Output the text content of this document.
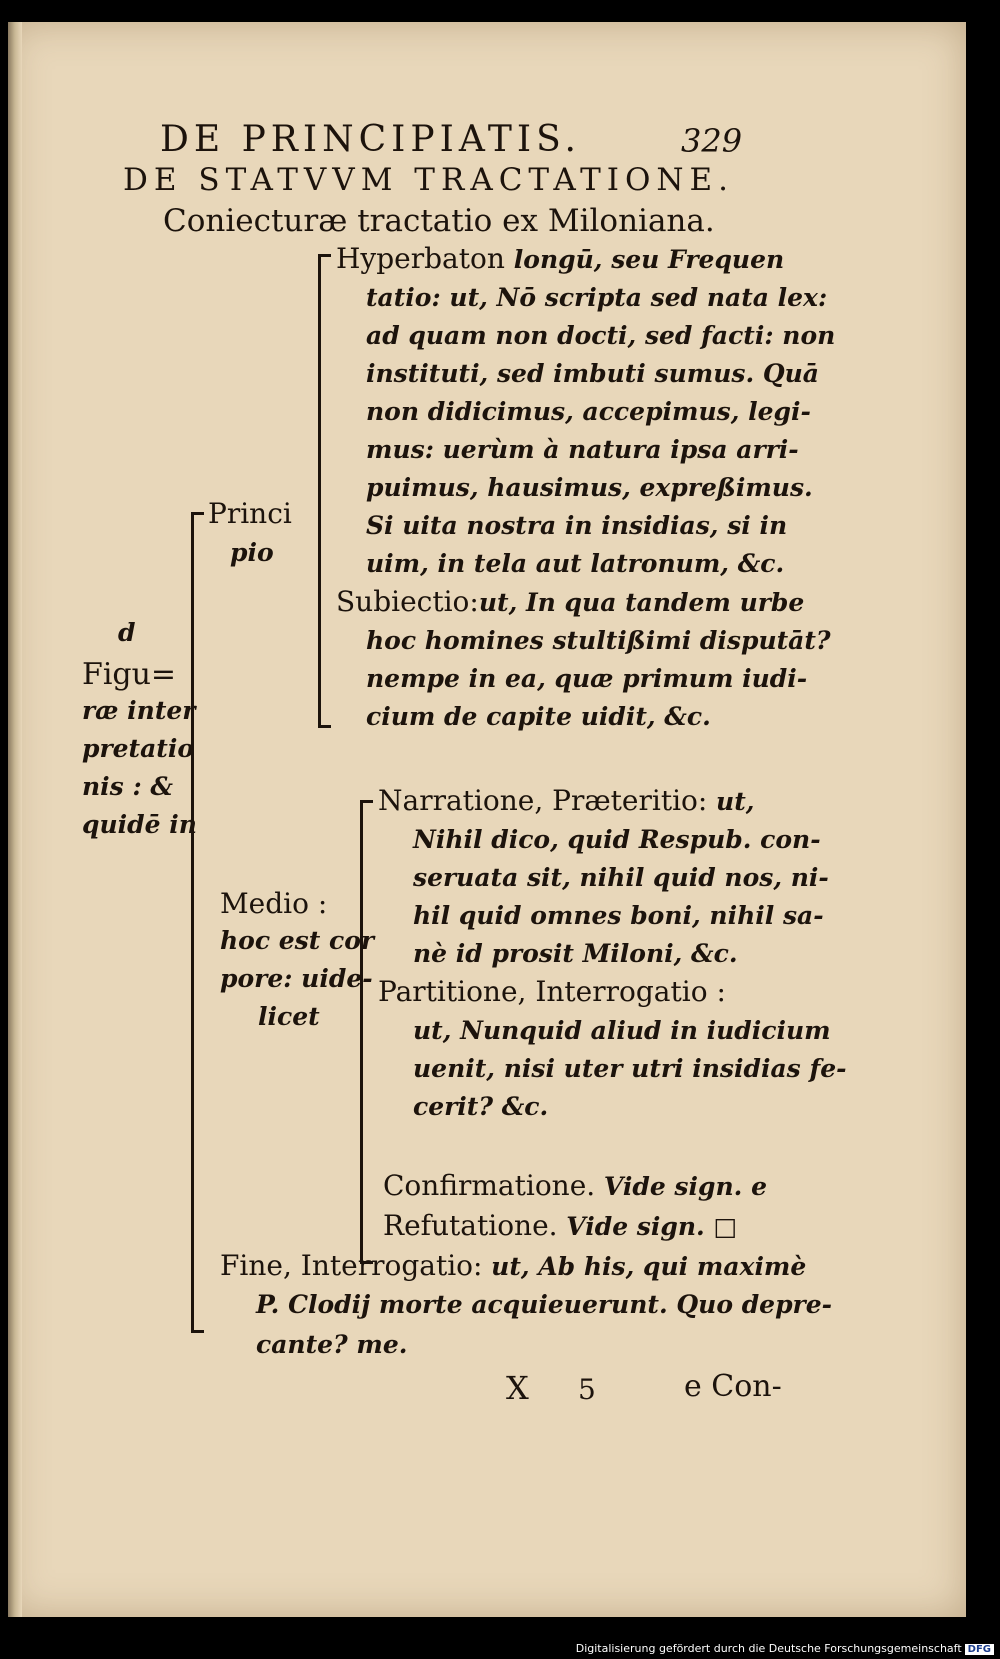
DE PRINCIPIATIS.	329
DE STATVVM TRACTATIONE.
Coniecturæ tractatio ex Miloniana.
d
Figu=
ræ inter
pretatio
nis : &
quidē in
Princi
pio
Hyperbaton longū, seu Frequen
tatio: ut, Nō scripta sed nata lex:
ad quam non docti, sed facti: non
instituti, sed imbuti sumus. Quā
non didicimus, accepimus, legi-
mus: uerùm à natura ipsa arri-
puimus, hausimus, expreßimus.
Si uita nostra in insidias, si in
uim, in tela aut latronum, &c.
Subiectio:ut, In qua tandem urbe
hoc homines stultißimi disputāt?
nempe in ea, quæ primum iudi-
cium de capite uidit, &c.
Medio :
hoc est cor
pore: uide-
licet
Narratione, Præteritio: ut,
Nihil dico, quid Respub. con-
seruata sit, nihil quid nos, ni-
hil quid omnes boni, nihil sa-
nè id prosit Miloni, &c.
Partitione, Interrogatio :
ut, Nunquid aliud in iudicium
uenit, nisi uter utri insidias fe-
cerit? &c.
Confirmatione. Vide sign. e
Refutatione. Vide sign. □
Fine, Interrogatio: ut, Ab his, qui maximè
P. Clodij morte acquieuerunt. Quo depre-
cante? me.
X 5	e Con-
Digitalisierung gefördert durch die Deutsche Forschungsgemeinschaft DFG
